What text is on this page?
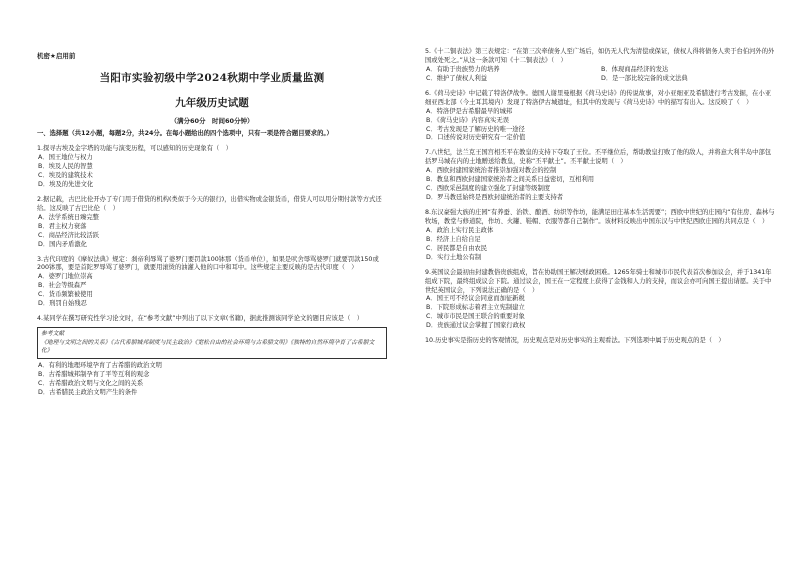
机密★启用前
当阳市实验初级中学2024秋期中学业质量监测
九年级历史试题
（满分60分　时间60分钟）
一、选择题（共12小题，每题2分，共24分。在每小题给出的四个选项中，只有一项是符合题目要求的。）
1.探寻古埃及金字塔的功能与演变历程，可以感知的历史现象有（　）
A．国王地位与权力
B．埃及人民的智慧
C．埃及的建筑技术
D．埃及的先进文化
2.据记载，古巴比伦开办了专门用于借贷的机构(类似于今天的银行)，出借实物或金银货币，借贷人可以用分期付款等方式还给。这反映了古巴比伦（　）
A．法学系统日臻完整
B．君主权力衰落
C．商品经济比较活跃
D．国内矛盾激化
3.古代印度的《摩奴法典》规定：刹帝利辱骂了婆罗门要罚款100钵那（货币单位），如果是吠舍辱骂婆罗门就要罚款150或200钵那，要是首陀罗辱骂了婆罗门，就要用滚烫的油灌入他的口中和耳中。这些规定主要反映的是古代印度（　）
A．婆罗门地位崇高
B．社会等级森严
C．货币频繁被使用
D．刑罚自始残忍
4.某同学在撰写研究性学习论文时，在“参考文献”中列出了以下文章(书籍)，据此推测该同学论文的题目应该是（　）
参考文献
《地理与文明之间的关系》《古代希腊城邦制度与民主政治》《宽松自由的社会环境与古希腊文明》《独特的自然环境孕育了古希腊文化》
A．有利的地理环境孕育了古希腊的政治文明
B．古希腊城邦制孕育了平等互利的观念
C．古希腊政治文明与文化之间的关系
D．古希腊民主政治文明产生的条件
5.《十二铜表法》第三表规定：“在第三次牵债务人至广场后，如仍无人代为清偿或保证，债权人得将债务人卖于台伯河外的外国或处死之。”从这一条款可知《十二铜表法》（　）
A．有助于贵族势力的培养	B．体现商品经济的发达
C．维护了债权人利益	D．是一部比较完备的成文法典
6.《荷马史诗》中记载了特洛伊战争。德国人谢里曼根据《荷马史诗》的传说故事，对小亚细亚及希腊进行考古发掘，在小亚细亚西北部（今土耳其境内）发现了特洛伊古城遗址，但其中的发现与《荷马史诗》中的描写有出入。这反映了（　）
A．特洛伊是古希腊最早的城邦
B．《荷马史诗》内容真实无误
C．考古发现是了解历史的唯一途径
D．口述传说对历史研究有一定价值
7.八世纪，法兰克王国宫相丕平在教皇的支持下夺取了王位。丕平继位后，帮助教皇打败了他的敌人，并将意大利半岛中部包括罗马城在内的土地赠送给教皇，史称“丕平献土”。丕平献土说明（　）
A．西欧封建国家统治者推崇加强对教会的控制
B．教皇和西欧封建国家统治者之间关系日益密切，互相利用
C．西欧采邑制度的建立强化了封建等级制度
D．罗马教廷始终是西欧封建统治者的主要支持者
8.东汉豪强大族的庄园“有养蚕、治铁、酿酒、纺织等作坊，能满足田庄基本生活需要”；西欧中世纪的庄园内“有住房、森林与牧场，教堂与修道院，作坊、火罐、鞋帽、衣服等都自己制作”。该材料反映出中国东汉与中世纪西欧庄园的共同点是（　）
A．政治上实行民主政体
B．经济上自给自足
C．居民都是自由农民
D．实行土地公有制
9.英国议会最初由封建教俗贵族组成，旨在协助国王解决财政困难。1265年骑士和城市市民代表首次参加议会，并于1341年组成下院，最终组成议会下院。通过议会，国王在一定程度上获得了金钱和人力的支持，而议会亦可向国王提出请愿。关于中世纪英国议会，下列说法正确的是（　）
A．国王可不经议会同意而加征新税
B．下院形成标志着君主立宪制建立
C．城市市民是国王联合的重要对象
D．贵族通过议会掌握了国家行政权
10.历史事实是指历史的客观情况，历史观点是对历史事实的主观看法。下列选项中属于历史观点的是（　）
